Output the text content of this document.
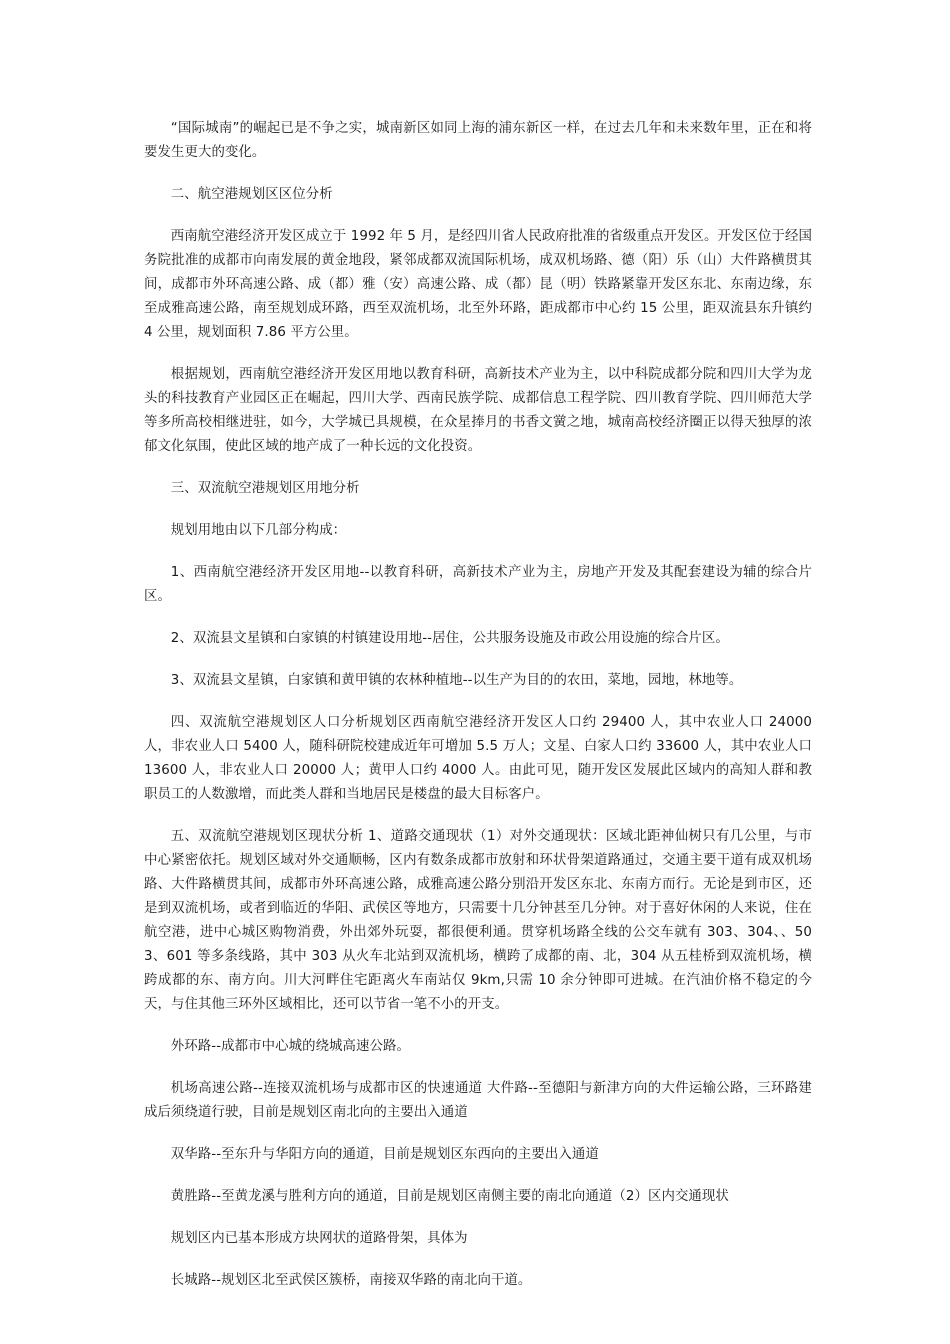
“国际城南”的崛起已是不争之实，城南新区如同上海的浦东新区一样，在过去几年和未来数年里，正在和将要发生更大的变化。

二、航空港规划区区位分析

西南航空港经济开发区成立于 1992 年 5 月，是经四川省人民政府批准的省级重点开发区。开发区位于经国务院批准的成都市向南发展的黄金地段，紧邻成都双流国际机场，成双机场路、德（阳）乐（山）大件路横贯其间，成都市外环高速公路、成（都）雅（安）高速公路、成（都）昆（明）铁路紧靠开发区东北、东南边缘，东至成雅高速公路，南至规划成环路，西至双流机场，北至外环路，距成都市中心约 15 公里，距双流县东升镇约 4 公里，规划面积 7.86 平方公里。

根据规划，西南航空港经济开发区用地以教育科研，高新技术产业为主，以中科院成都分院和四川大学为龙头的科技教育产业园区正在崛起，四川大学、西南民族学院、成都信息工程学院、四川教育学院、四川师范大学等多所高校相继进驻，如今，大学城已具规模，在众星捧月的书香文黉之地，城南高校经济圈正以得天独厚的浓郁文化氛围，使此区域的地产成了一种长远的文化投资。

三、双流航空港规划区用地分析

规划用地由以下几部分构成：

1、西南航空港经济开发区用地--以教育科研，高新技术产业为主，房地产开发及其配套建设为辅的综合片区。

2、双流县文星镇和白家镇的村镇建设用地--居住，公共服务设施及市政公用设施的综合片区。

3、双流县文星镇，白家镇和黄甲镇的农林种植地--以生产为目的的农田，菜地，园地，林地等。

四、双流航空港规划区人口分析规划区西南航空港经济开发区人口约 29400 人，其中农业人口 24000 人，非农业人口 5400 人，随科研院校建成近年可增加 5.5 万人；文星、白家人口约 33600 人，其中农业人口 13600 人，非农业人口 20000 人；黄甲人口约 4000 人。由此可见，随开发区发展此区域内的高知人群和教职员工的人数激增，而此类人群和当地居民是楼盘的最大目标客户。

五、双流航空港规划区现状分析 1、道路交通现状（1）对外交通现状：区域北距神仙树只有几公里，与市中心紧密依托。规划区域对外交通顺畅，区内有数条成都市放射和环状骨架道路通过，交通主要干道有成双机场路、大件路横贯其间，成都市外环高速公路，成雅高速公路分别沿开发区东北、东南方而行。无论是到市区，还是到双流机场，或者到临近的华阳、武侯区等地方，只需要十几分钟甚至几分钟。对于喜好休闲的人来说，住在航空港，进中心城区购物消费，外出郊外玩耍，都很便利通。贯穿机场路全线的公交车就有 303、304、、503、601 等多条线路，其中 303 从火车北站到双流机场，横跨了成都的南、北，304 从五桂桥到双流机场，横跨成都的东、南方向。川大河畔住宅距离火车南站仅 9km,只需 10 余分钟即可进城。在汽油价格不稳定的今天，与住其他三环外区域相比，还可以节省一笔不小的开支。

外环路--成都市中心城的绕城高速公路。

机场高速公路--连接双流机场与成都市区的快速通道 大件路--至德阳与新津方向的大件运输公路，三环路建成后须绕道行驶，目前是规划区南北向的主要出入通道

双华路--至东升与华阳方向的通道，目前是规划区东西向的主要出入通道

黄胜路--至黄龙溪与胜利方向的通道，目前是规划区南侧主要的南北向通道（2）区内交通现状

规划区内已基本形成方块网状的道路骨架，具体为

长城路--规划区北至武侯区簇桥，南接双华路的南北向干道。
